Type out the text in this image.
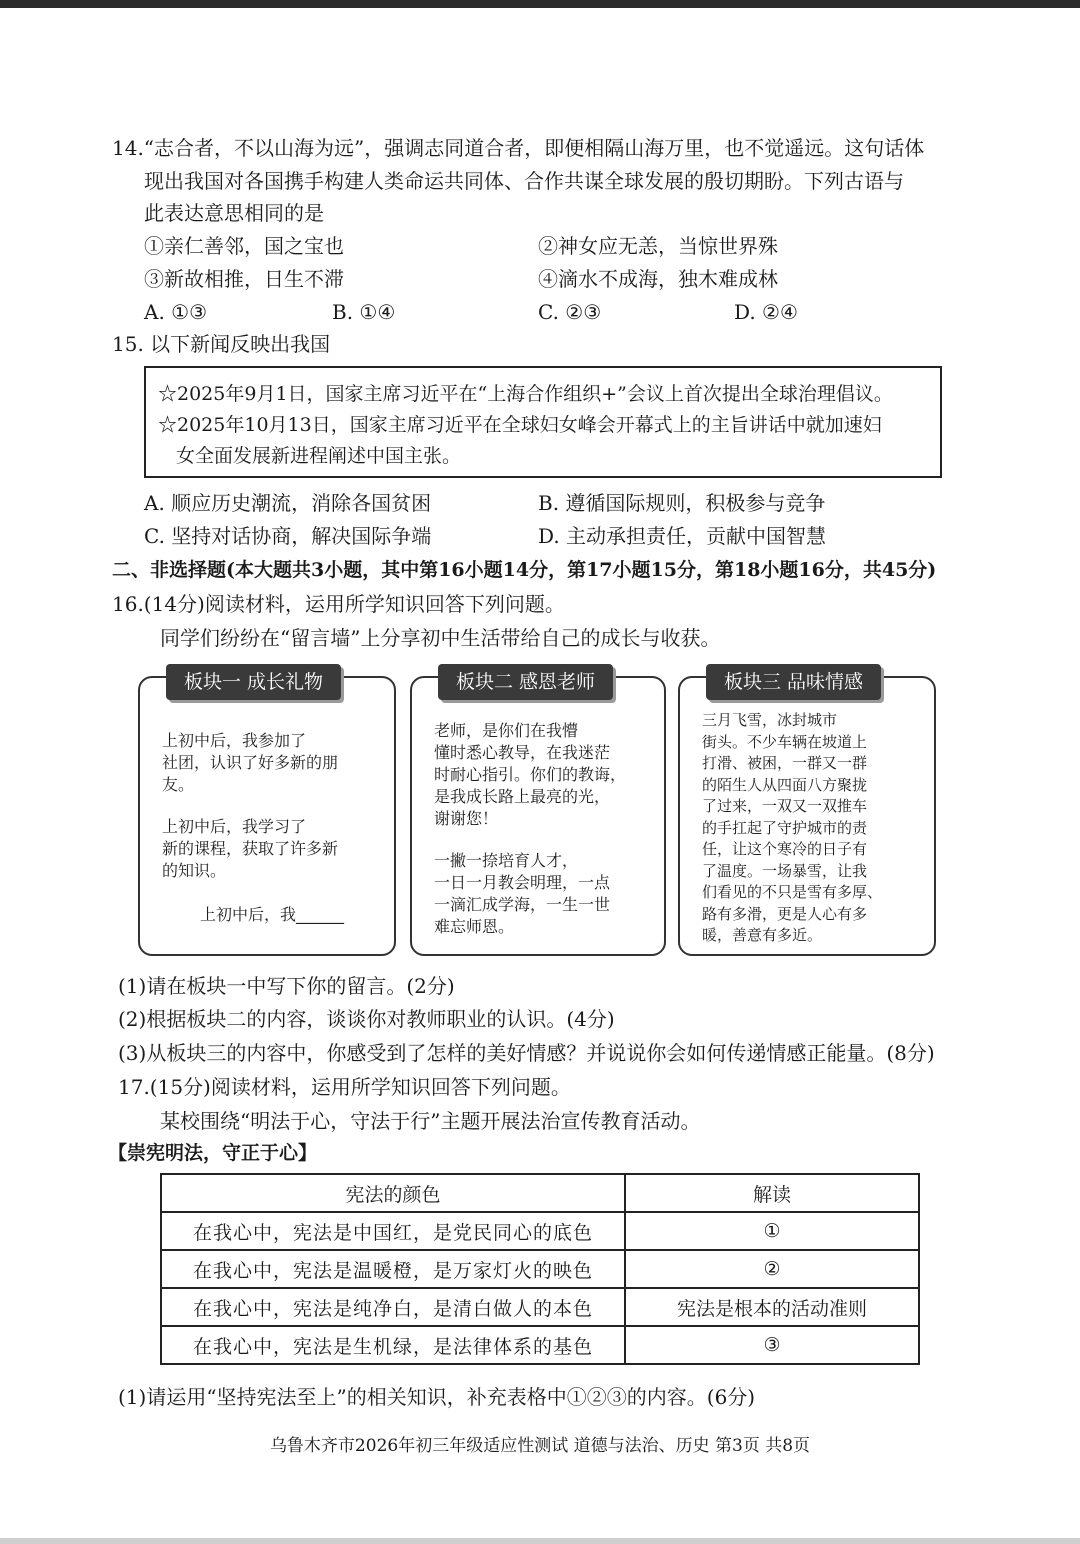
14.“志合者，不以山海为远”，强调志同道合者，即便相隔山海万里，也不觉遥远。这句话体
现出我国对各国携手构建人类命运共同体、合作共谋全球发展的殷切期盼。下列古语与
此表达意思相同的是
①亲仁善邻，国之宝也	②神女应无恙，当惊世界殊
③新故相推，日生不滞	④滴水不成海，独木难成林
A. ①③	B. ①④	C. ②③	D. ②④
15. 以下新闻反映出我国
☆2025年9月1日，国家主席习近平在“上海合作组织+”会议上首次提出全球治理倡议。
☆2025年10月13日，国家主席习近平在全球妇女峰会开幕式上的主旨讲话中就加速妇
女全面发展新进程阐述中国主张。
A. 顺应历史潮流，消除各国贫困	B. 遵循国际规则，积极参与竞争
C. 坚持对话协商，解决国际争端	D. 主动承担责任，贡献中国智慧
二、非选择题(本大题共3小题，其中第16小题14分，第17小题15分，第18小题16分，共45分)
16.(14分)阅读材料，运用所学知识回答下列问题。
同学们纷纷在“留言墙”上分享初中生活带给自己的成长与收获。
板块一 成长礼物
上初中后，我参加了
社团，认识了好多新的朋
友。
上初中后，我学习了
新的课程，获取了许多新
的知识。
上初中后，我______
板块二 感恩老师
老师，是你们在我懵
懂时悉心教导，在我迷茫
时耐心指引。你们的教诲，
是我成长路上最亮的光，
谢谢您！
一撇一捺培育人才，
一日一月教会明理，一点
一滴汇成学海，一生一世
难忘师恩。
板块三 品味情感
三月飞雪，冰封城市
街头。不少车辆在坡道上
打滑、被困，一群又一群
的陌生人从四面八方聚拢
了过来，一双又一双推车
的手扛起了守护城市的责
任，让这个寒冷的日子有
了温度。一场暴雪，让我
们看见的不只是雪有多厚、
路有多滑，更是人心有多
暖，善意有多近。
(1)请在板块一中写下你的留言。(2分)
(2)根据板块二的内容，谈谈你对教师职业的认识。(4分)
(3)从板块三的内容中，你感受到了怎样的美好情感？并说说你会如何传递情感正能量。(8分)
17.(15分)阅读材料，运用所学知识回答下列问题。
某校围绕“明法于心，守法于行”主题开展法治宣传教育活动。
【崇宪明法，守正于心】
宪法的颜色	解读
在我心中，宪法是中国红，是党民同心的底色	①
在我心中，宪法是温暖橙，是万家灯火的映色	②
在我心中，宪法是纯净白，是清白做人的本色	宪法是根本的活动准则
在我心中，宪法是生机绿，是法律体系的基色	③
(1)请运用“坚持宪法至上”的相关知识，补充表格中①②③的内容。(6分)
乌鲁木齐市2026年初三年级适应性测试 道德与法治、历史 第3页 共8页
